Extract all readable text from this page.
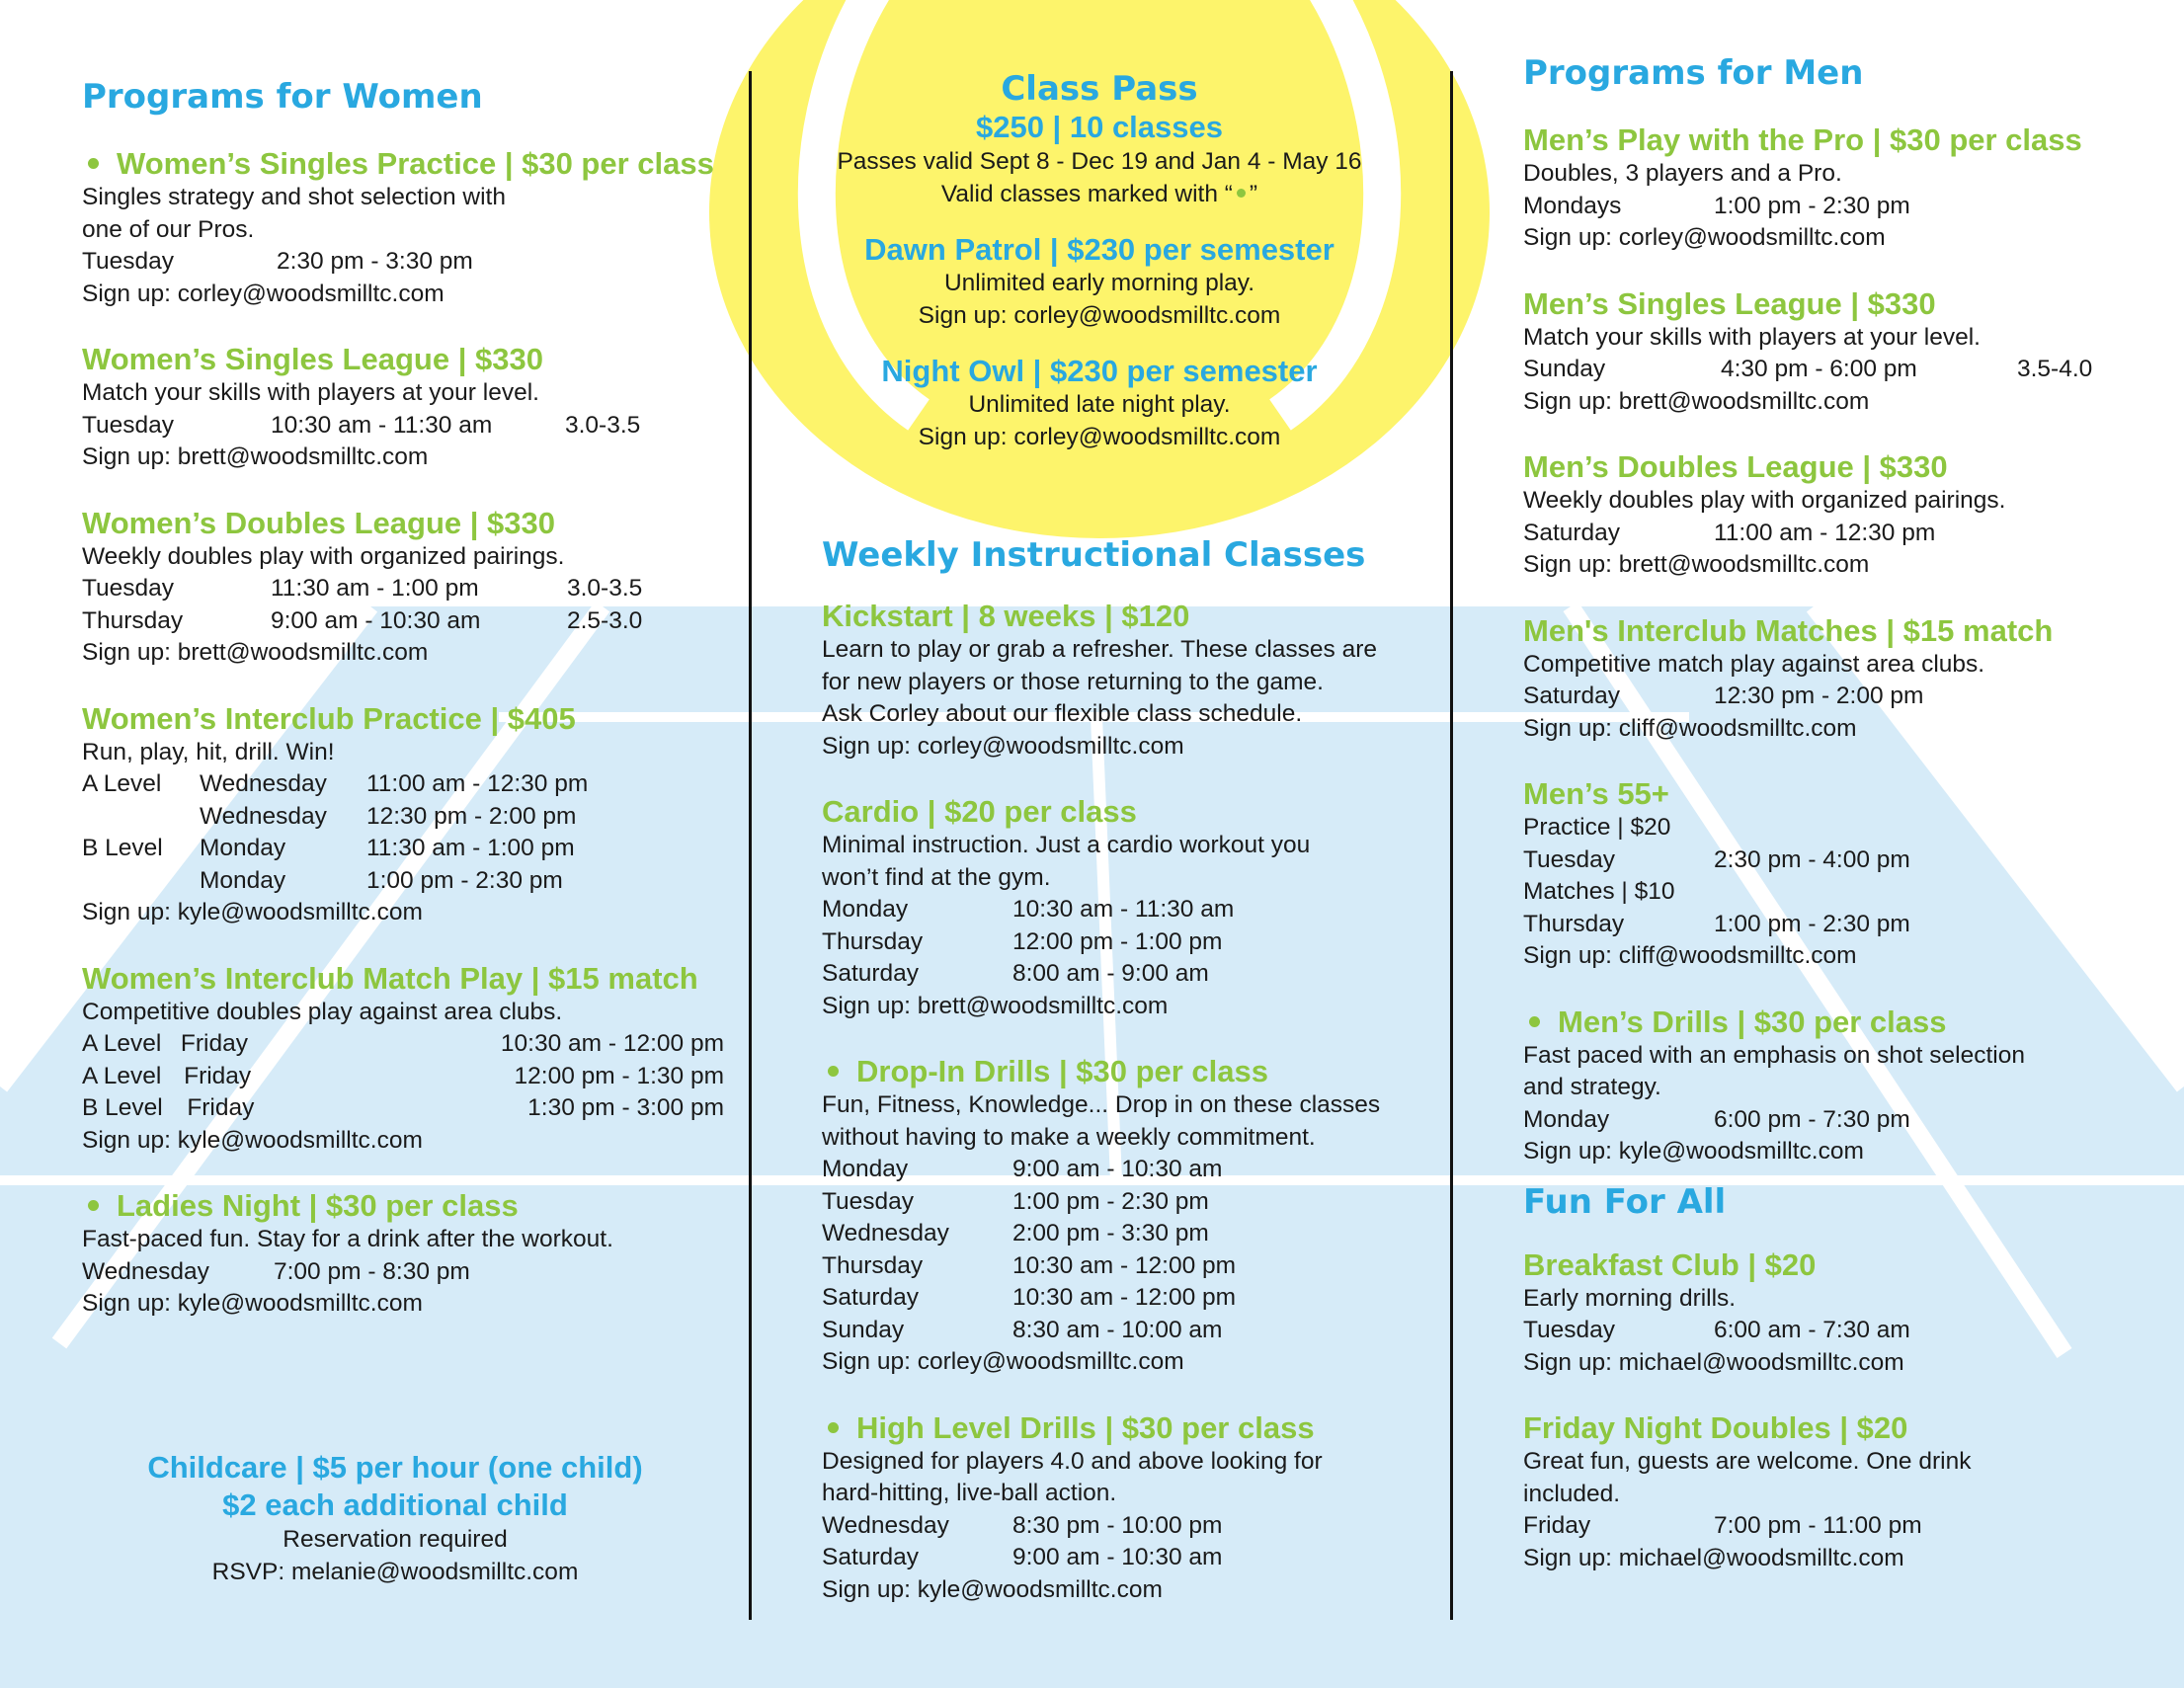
Programs for Women
Women’s Singles Practice | $30 per class
Singles strategy and shot selection with
one of our Pros.
Tuesday	2:30 pm - 3:30 pm
Sign up: corley@woodsmilltc.com
Women’s Singles League | $330
Match your skills with players at your level.
Tuesday	10:30 am - 11:30 am	3.0-3.5
Sign up: brett@woodsmilltc.com
Women’s Doubles League | $330
Weekly doubles play with organized pairings.
Tuesday	11:30 am - 1:00 pm	3.0-3.5
Thursday	9:00 am - 10:30 am	2.5-3.0
Sign up: brett@woodsmilltc.com
Women’s Interclub Practice | $405
Run, play, hit, drill. Win!
A Level	Wednesday	11:00 am - 12:30 pm
Wednesday	12:30 pm - 2:00 pm
B Level	Monday	11:30 am - 1:00 pm
Monday	1:00 pm - 2:30 pm
Sign up: kyle@woodsmilltc.com
Women’s Interclub Match Play | $15 match
Competitive doubles play against area clubs.
A Level Friday	10:30 am - 12:00 pm
A Level Friday	12:00 pm - 1:30 pm
B Level	Friday	1:30 pm - 3:00 pm
Sign up: kyle@woodsmilltc.com
Ladies Night | $30 per class
Fast-paced fun. Stay for a drink after the workout.
Wednesday	7:00 pm - 8:30 pm
Sign up: kyle@woodsmilltc.com
Childcare | $5 per hour (one child)
$2 each additional child
Reservation required
RSVP: melanie@woodsmilltc.com
Class Pass
$250 | 10 classes
Passes valid Sept 8 - Dec 19 and Jan 4 - May 16
Valid classes marked with “ ”
Dawn Patrol | $230 per semester
Unlimited early morning play.
Sign up: corley@woodsmilltc.com
Night Owl | $230 per semester
Unlimited late night play.
Sign up: corley@woodsmilltc.com
Weekly Instructional Classes
Kickstart | 8 weeks | $120
Learn to play or grab a refresher. These classes are
for new players or those returning to the game.
Ask Corley about our flexible class schedule.
Sign up: corley@woodsmilltc.com
Cardio | $20 per class
Minimal instruction. Just a cardio workout you
won’t find at the gym.
Monday	10:30 am - 11:30 am
Thursday	12:00 pm - 1:00 pm
Saturday	8:00 am - 9:00 am
Sign up: brett@woodsmilltc.com
Drop-In Drills | $30 per class
Fun, Fitness, Knowledge... Drop in on these classes
without having to make a weekly commitment.
Monday	9:00 am - 10:30 am
Tuesday	1:00 pm - 2:30 pm
Wednesday	2:00 pm - 3:30 pm
Thursday	10:30 am - 12:00 pm
Saturday	10:30 am - 12:00 pm
Sunday	8:30 am - 10:00 am
Sign up: corley@woodsmilltc.com
High Level Drills | $30 per class
Designed for players 4.0 and above looking for
hard-hitting, live-ball action.
Wednesday	8:30 pm - 10:00 pm
Saturday	9:00 am - 10:30 am
Sign up: kyle@woodsmilltc.com
Programs for Men
Men’s Play with the Pro | $30 per class
Doubles, 3 players and a Pro.
Mondays	1:00 pm - 2:30 pm
Sign up: corley@woodsmilltc.com
Men’s Singles League | $330
Match your skills with players at your level.
Sunday	4:30 pm - 6:00 pm	3.5-4.0
Sign up: brett@woodsmilltc.com
Men’s Doubles League | $330
Weekly doubles play with organized pairings.
Saturday	11:00 am - 12:30 pm
Sign up: brett@woodsmilltc.com
Men's Interclub Matches | $15 match
Competitive match play against area clubs.
Saturday	12:30 pm - 2:00 pm
Sign up: cliff@woodsmilltc.com
Men’s 55+
Practice | $20
Tuesday	2:30 pm - 4:00 pm
Matches | $10
Thursday	1:00 pm - 2:30 pm
Sign up: cliff@woodsmilltc.com
Men’s Drills | $30 per class
Fast paced with an emphasis on shot selection
and strategy.
Monday	6:00 pm - 7:30 pm
Sign up: kyle@woodsmilltc.com
Fun For All
Breakfast Club | $20
Early morning drills.
Tuesday	6:00 am - 7:30 am
Sign up: michael@woodsmilltc.com
Friday Night Doubles | $20
Great fun, guests are welcome. One drink
included.
Friday	7:00 pm - 11:00 pm
Sign up: michael@woodsmilltc.com
